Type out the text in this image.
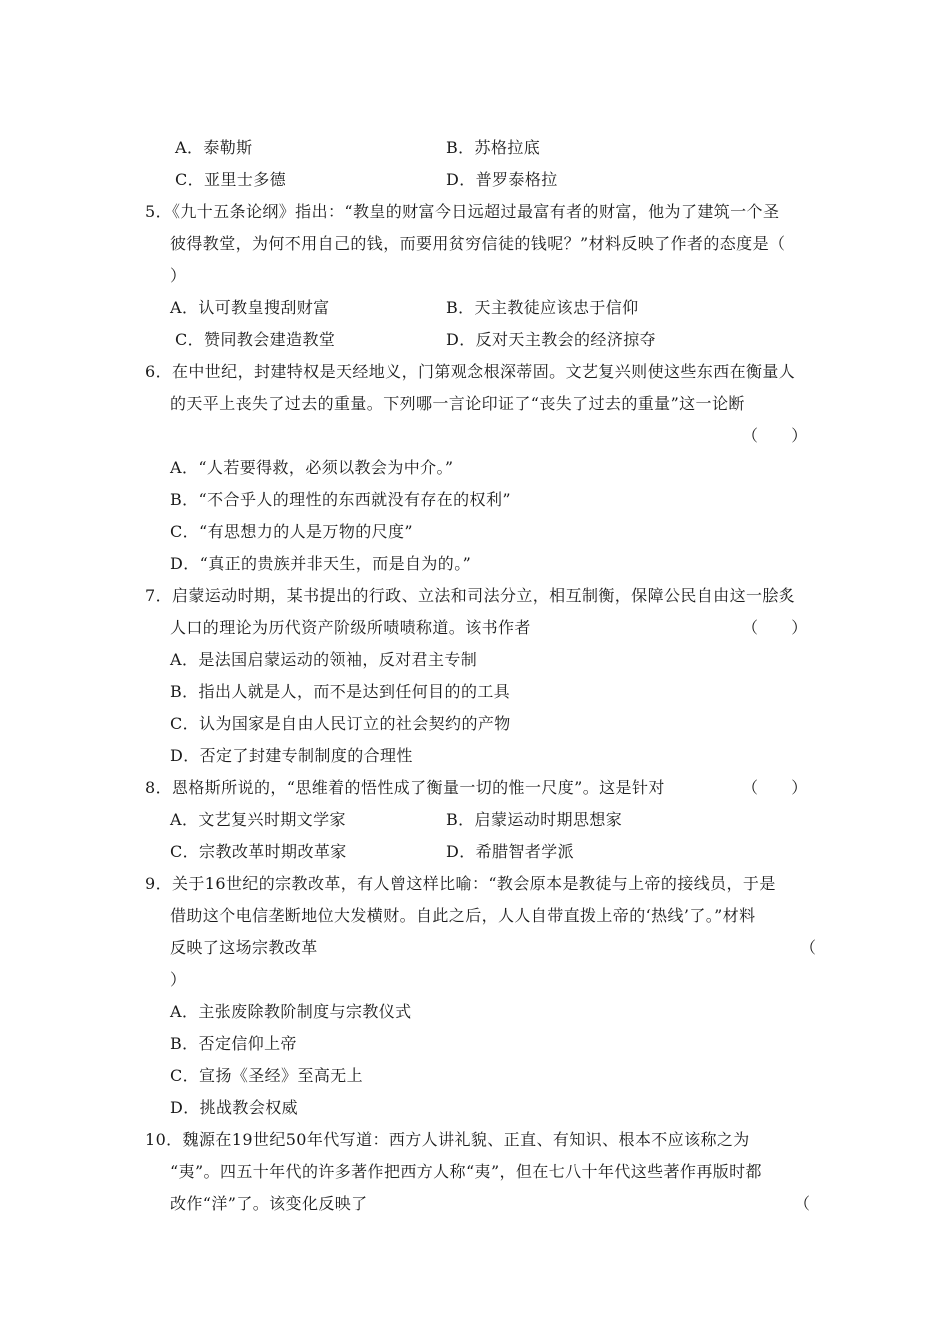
A．泰勒斯	B．苏格拉底
C．亚里士多德	D．普罗泰格拉
5．《九十五条论纲》指出：“教皇的财富今日远超过最富有者的财富，他为了建筑一个圣
彼得教堂，为何不用自己的钱，而要用贫穷信徒的钱呢？”材料反映了作者的态度是（
）
A．认可教皇搜刮财富	B．天主教徒应该忠于信仰
C．赞同教会建造教堂	D．反对天主教会的经济掠夺
6．在中世纪，封建特权是天经地义，门第观念根深蒂固。文艺复兴则使这些东西在衡量人
的天平上丧失了过去的重量。下列哪一言论印证了“丧失了过去的重量”这一论断
（　　）
A．“人若要得救，必须以教会为中介。”
B．“不合乎人的理性的东西就没有存在的权利”
C．“有思想力的人是万物的尺度”
D．“真正的贵族并非天生，而是自为的。”
7．启蒙运动时期，某书提出的行政、立法和司法分立，相互制衡，保障公民自由这一脍炙
人口的理论为历代资产阶级所啧啧称道。该书作者	（　　）
A．是法国启蒙运动的领袖，反对君主专制
B．指出人就是人，而不是达到任何目的的工具
C．认为国家是自由人民订立的社会契约的产物
D．否定了封建专制制度的合理性
8．恩格斯所说的，“思维着的悟性成了衡量一切的惟一尺度”。这是针对	（　　）
A．文艺复兴时期文学家	B．启蒙运动时期思想家
C．宗教改革时期改革家	D．希腊智者学派
9．关于16世纪的宗教改革，有人曾这样比喻：“教会原本是教徒与上帝的接线员，于是
借助这个电信垄断地位大发横财。自此之后，人人自带直拨上帝的‘热线’了。”材料
反映了这场宗教改革	（
）
A．主张废除教阶制度与宗教仪式
B．否定信仰上帝
C．宣扬《圣经》至高无上
D．挑战教会权威
10．魏源在19世纪50年代写道：西方人讲礼貌、正直、有知识、根本不应该称之为
“夷”。四五十年代的许多著作把西方人称“夷”，但在七八十年代这些著作再版时都
改作“洋”了。该变化反映了	（
